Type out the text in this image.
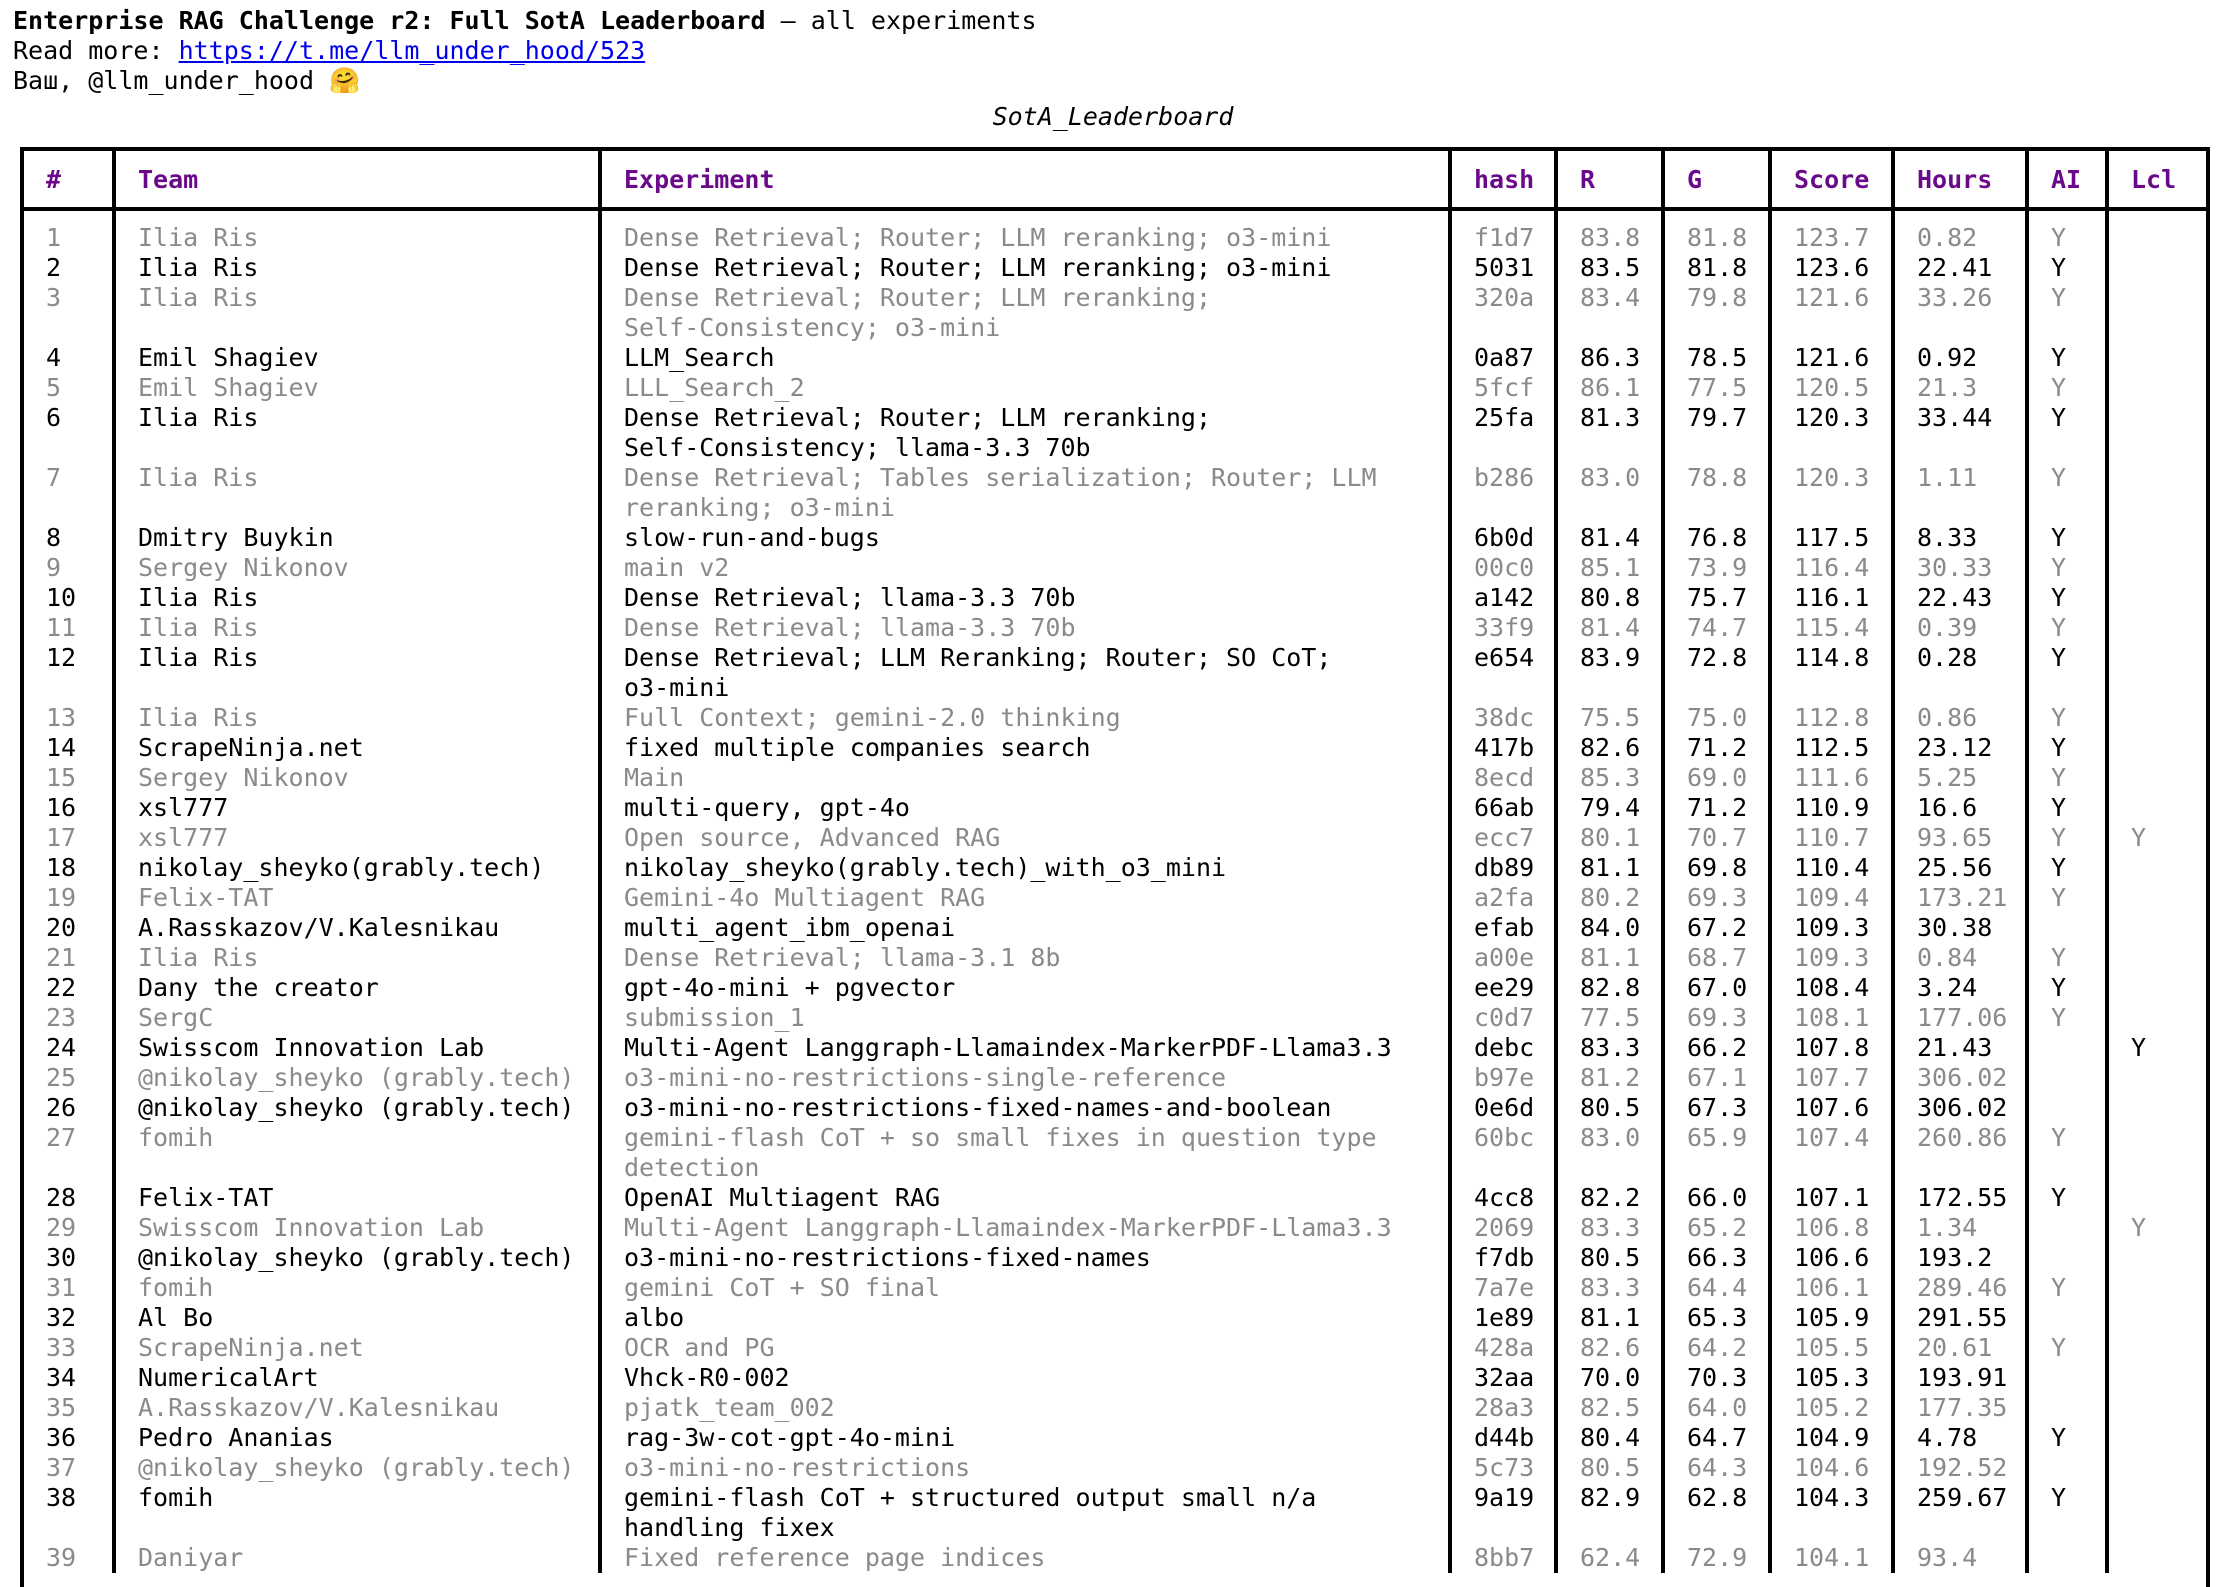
Enterprise RAG Challenge r2: Full SotA Leaderboard – all experiments
Read more: https://t.me/llm_under_hood/523
Ваш, @llm_under_hood 🤗
SotA_Leaderboard
#	Team	Experiment	hash	R	G	Score	Hours	AI	Lcl
1	Ilia Ris	Dense Retrieval; Router; LLM reranking; o3-mini	f1d7	83.8	81.8	123.7	0.82	Y	
2	Ilia Ris	Dense Retrieval; Router; LLM reranking; o3-mini	5031	83.5	81.8	123.6	22.41	Y	
3	Ilia Ris	Dense Retrieval; Router; LLM reranking;
Self-Consistency; o3-mini	320a	83.4	79.8	121.6	33.26	Y	
4	Emil Shagiev	LLM_Search	0a87	86.3	78.5	121.6	0.92	Y	
5	Emil Shagiev	LLL_Search_2	5fcf	86.1	77.5	120.5	21.3	Y	
6	Ilia Ris	Dense Retrieval; Router; LLM reranking;
Self-Consistency; llama-3.3 70b	25fa	81.3	79.7	120.3	33.44	Y	
7	Ilia Ris	Dense Retrieval; Tables serialization; Router; LLM
reranking; o3-mini	b286	83.0	78.8	120.3	1.11	Y	
8	Dmitry Buykin	slow-run-and-bugs	6b0d	81.4	76.8	117.5	8.33	Y	
9	Sergey Nikonov	main v2	00c0	85.1	73.9	116.4	30.33	Y	
10	Ilia Ris	Dense Retrieval; llama-3.3 70b	a142	80.8	75.7	116.1	22.43	Y	
11	Ilia Ris	Dense Retrieval; llama-3.3 70b	33f9	81.4	74.7	115.4	0.39	Y	
12	Ilia Ris	Dense Retrieval; LLM Reranking; Router; SO CoT;
o3-mini	e654	83.9	72.8	114.8	0.28	Y	
13	Ilia Ris	Full Context; gemini-2.0 thinking	38dc	75.5	75.0	112.8	0.86	Y	
14	ScrapeNinja.net	fixed multiple companies search	417b	82.6	71.2	112.5	23.12	Y	
15	Sergey Nikonov	Main	8ecd	85.3	69.0	111.6	5.25	Y	
16	xsl777	multi-query, gpt-4o	66ab	79.4	71.2	110.9	16.6	Y	
17	xsl777	Open source, Advanced RAG	ecc7	80.1	70.7	110.7	93.65	Y	Y
18	nikolay_sheyko(grably.tech)	nikolay_sheyko(grably.tech)_with_o3_mini	db89	81.1	69.8	110.4	25.56	Y	
19	Felix-TAT	Gemini-4o Multiagent RAG	a2fa	80.2	69.3	109.4	173.21	Y	
20	A.Rasskazov/V.Kalesnikau	multi_agent_ibm_openai	efab	84.0	67.2	109.3	30.38		
21	Ilia Ris	Dense Retrieval; llama-3.1 8b	a00e	81.1	68.7	109.3	0.84	Y	
22	Dany the creator	gpt-4o-mini + pgvector	ee29	82.8	67.0	108.4	3.24	Y	
23	SergC	submission_1	c0d7	77.5	69.3	108.1	177.06	Y	
24	Swisscom Innovation Lab	Multi-Agent Langgraph-Llamaindex-MarkerPDF-Llama3.3	debc	83.3	66.2	107.8	21.43		Y
25	@nikolay_sheyko (grably.tech)	o3-mini-no-restrictions-single-reference	b97e	81.2	67.1	107.7	306.02		
26	@nikolay_sheyko (grably.tech)	o3-mini-no-restrictions-fixed-names-and-boolean	0e6d	80.5	67.3	107.6	306.02		
27	fomih	gemini-flash CoT + so small fixes in question type
detection	60bc	83.0	65.9	107.4	260.86	Y	
28	Felix-TAT	OpenAI Multiagent RAG	4cc8	82.2	66.0	107.1	172.55	Y	
29	Swisscom Innovation Lab	Multi-Agent Langgraph-Llamaindex-MarkerPDF-Llama3.3	2069	83.3	65.2	106.8	1.34		Y
30	@nikolay_sheyko (grably.tech)	o3-mini-no-restrictions-fixed-names	f7db	80.5	66.3	106.6	193.2		
31	fomih	gemini CoT + SO final	7a7e	83.3	64.4	106.1	289.46	Y	
32	Al Bo	albo	1e89	81.1	65.3	105.9	291.55		
33	ScrapeNinja.net	OCR and PG	428a	82.6	64.2	105.5	20.61	Y	
34	NumericalArt	Vhck-R0-002	32aa	70.0	70.3	105.3	193.91		
35	A.Rasskazov/V.Kalesnikau	pjatk_team_002	28a3	82.5	64.0	105.2	177.35		
36	Pedro Ananias	rag-3w-cot-gpt-4o-mini	d44b	80.4	64.7	104.9	4.78	Y	
37	@nikolay_sheyko (grably.tech)	o3-mini-no-restrictions	5c73	80.5	64.3	104.6	192.52		
38	fomih	gemini-flash CoT + structured output small n/a
handling fixex	9a19	82.9	62.8	104.3	259.67	Y	
39	Daniyar	Fixed reference page indices	8bb7	62.4	72.9	104.1	93.4		
